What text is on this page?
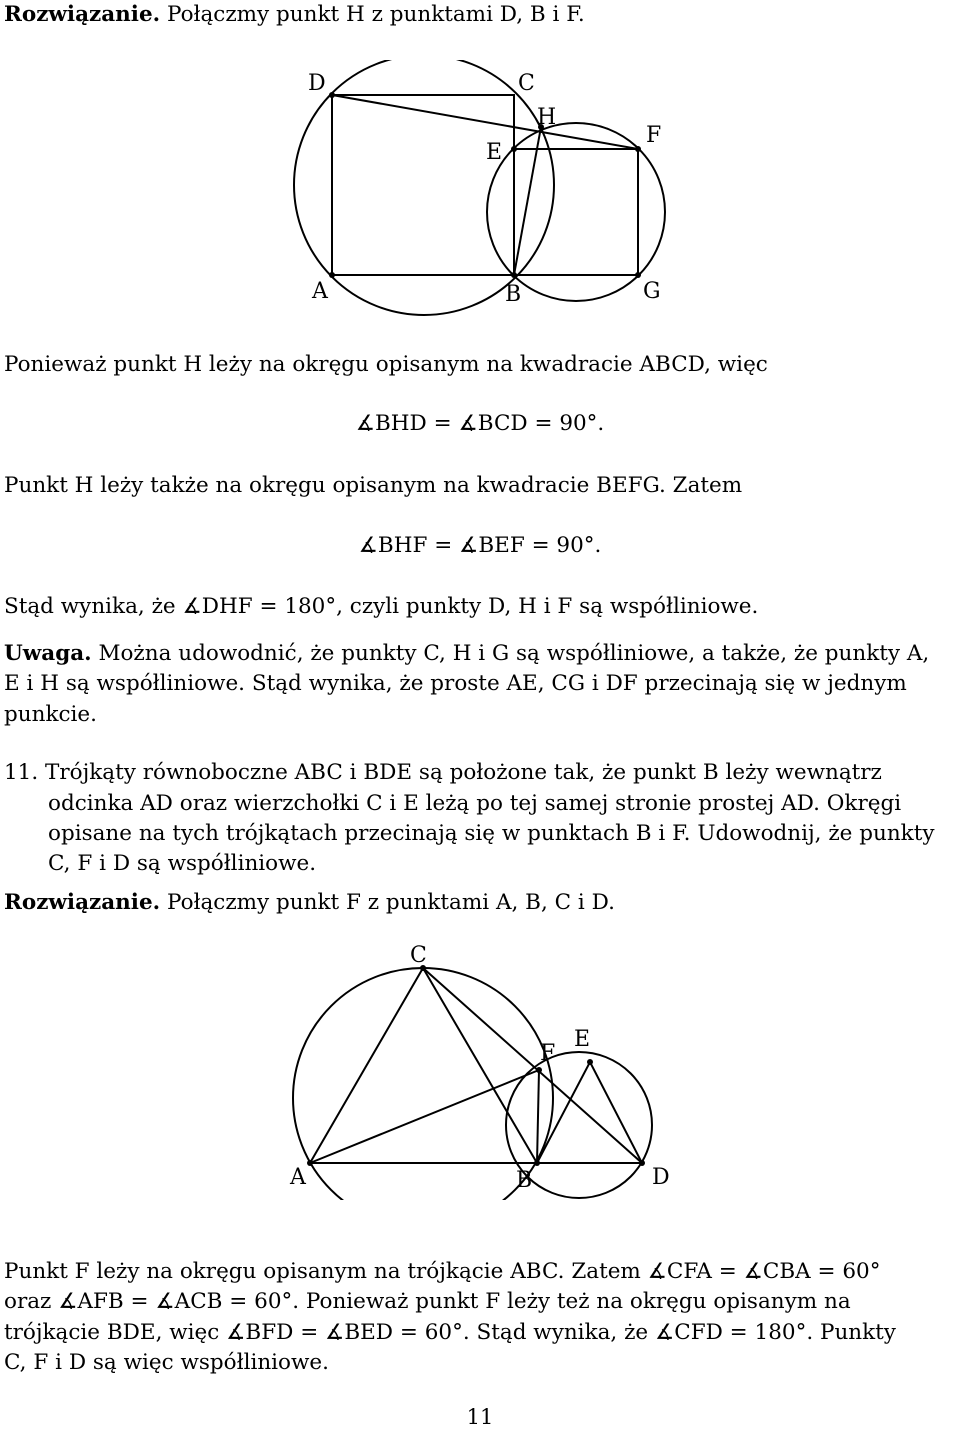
Rozwiązanie. Połączmy punkt H z punktami D, B i F.
D	C
H
F
E
A	B	G
Ponieważ punkt H leży na okręgu opisanym na kwadracie ABCD, więc
∡BHD = ∡BCD = 90°.
Punkt H leży także na okręgu opisanym na kwadracie BEFG. Zatem
∡BHF = ∡BEF = 90°.
Stąd wynika, że ∡DHF = 180°, czyli punkty D, H i F są współliniowe.
Uwaga. Można udowodnić, że punkty C, H i G są współliniowe, a także, że punkty A,
E i H są współliniowe. Stąd wynika, że proste AE, CG i DF przecinają się w jednym
punkcie.
11. Trójkąty równoboczne ABC i BDE są położone tak, że punkt B leży wewnątrz
odcinka AD oraz wierzchołki C i E leżą po tej samej stronie prostej AD. Okręgi
opisane na tych trójkątach przecinają się w punktach B i F. Udowodnij, że punkty
C, F i D są współliniowe.
Rozwiązanie. Połączmy punkt F z punktami A, B, C i D.
C
F
E
A	B	D
Punkt F leży na okręgu opisanym na trójkącie ABC. Zatem ∡CFA = ∡CBA = 60°
oraz ∡AFB = ∡ACB = 60°. Ponieważ punkt F leży też na okręgu opisanym na
trójkącie BDE, więc ∡BFD = ∡BED = 60°. Stąd wynika, że ∡CFD = 180°. Punkty
C, F i D są więc współliniowe.
11
